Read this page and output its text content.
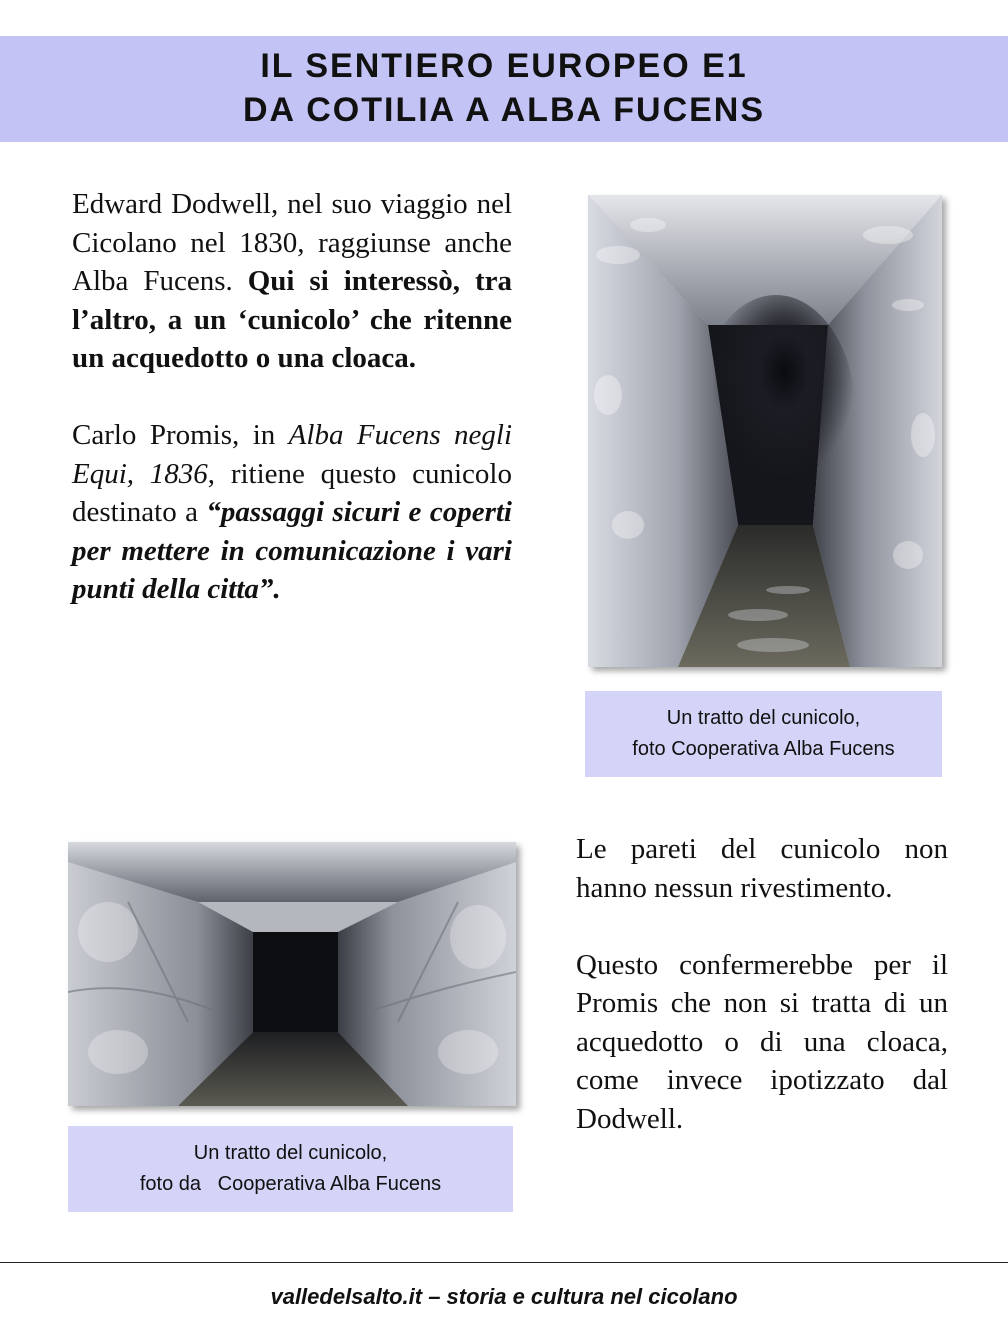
IL SENTIERO EUROPEO E1
DA COTILIA A ALBA FUCENS

Edward Dodwell, nel suo viaggio nel Cicolano nel 1830, raggiunse anche Alba Fucens. Qui si interessò, tra l’altro, a un ‘cunicolo’ che ritenne un acquedotto o una cloaca.

Carlo Promis, in Alba Fucens negli Equi, 1836, ritiene questo cunicolo destinato a “passaggi sicuri e coperti per mettere in comunicazione i vari punti della citta”.

Un tratto del cunicolo,
foto Cooperativa Alba Fucens
Un tratto del cunicolo,
foto da   Cooperativa Alba Fucens

Le pareti del cunicolo non hanno nessun rivestimento.

Questo confermerebbe per il Promis che non si tratta di un acquedotto o di una cloaca, come invece ipotizzato dal Dodwell.

valledelsalto.it – storia e cultura nel cicolano
